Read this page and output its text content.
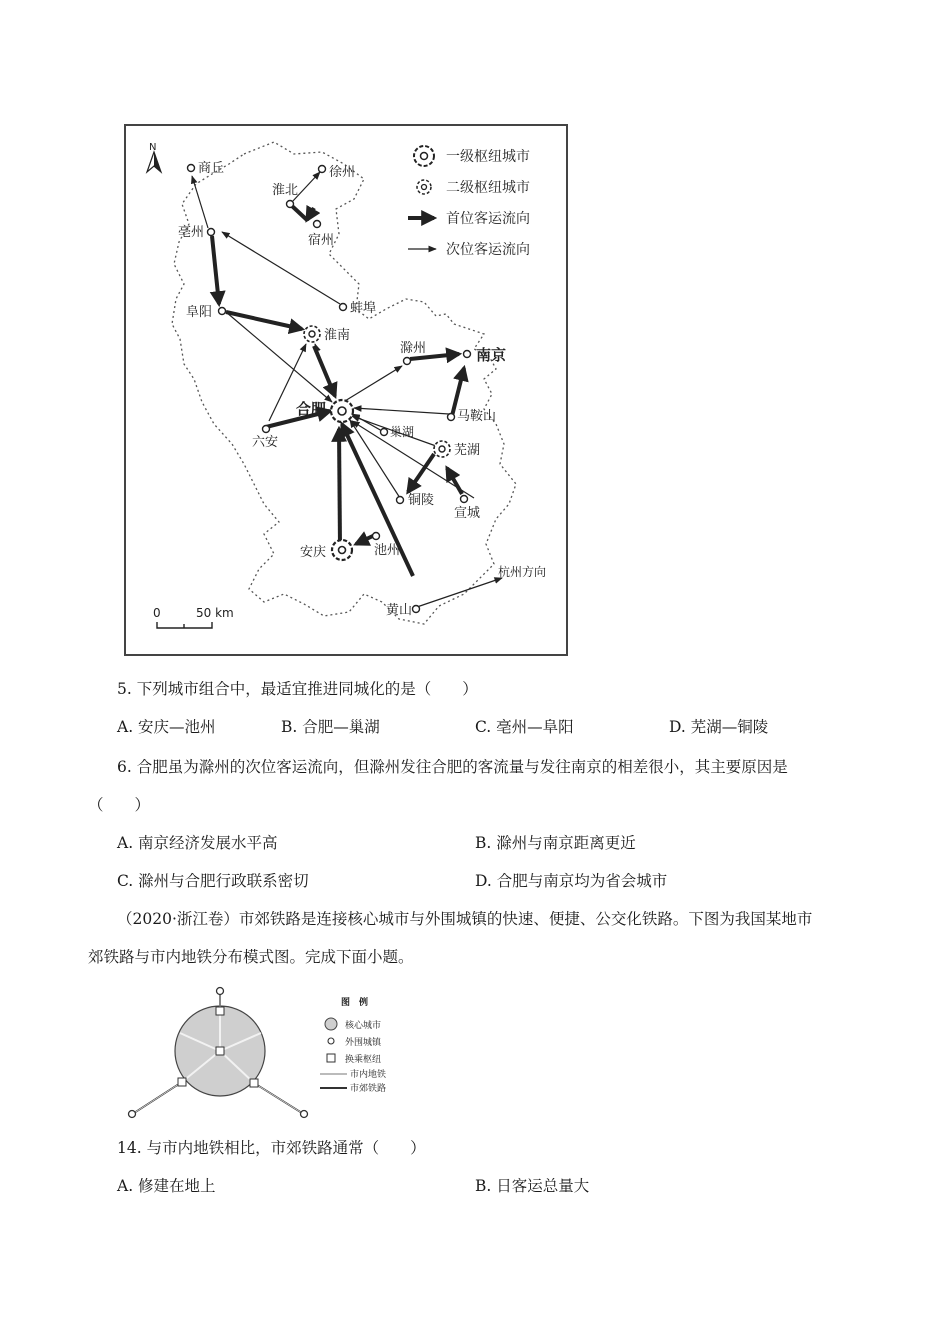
N
一级枢纽城市
二级枢纽城市
首位客运流向
次位客运流向
商丘	徐州
淮北
宿州
亳州
蚌埠
阜阳
淮南
滁州	南京
合肥	马鞍山
六安
巢湖
芜湖
铜陵
宣城
安庆	池州
杭州方向
黄山
0	50 km
5. 下列城市组合中，最适宜推进同城化的是（　　）
A. 安庆—池州	B. 合肥—巢湖	C. 亳州—阜阳	D. 芜湖—铜陵
6. 合肥虽为滁州的次位客运流向，但滁州发往合肥的客流量与发往南京的相差很小，其主要原因是
（　　）
A. 南京经济发展水平高	B. 滁州与南京距离更近
C. 滁州与合肥行政联系密切	D. 合肥与南京均为省会城市
（2020·浙江卷）市郊铁路是连接核心城市与外围城镇的快速、便捷、公交化铁路。下图为我国某地市
郊铁路与市内地铁分布模式图。完成下面小题。
图　例
核心城市
外围城镇
换乘枢纽
市内地铁
市郊铁路
14. 与市内地铁相比，市郊铁路通常（　　）
A. 修建在地上	B. 日客运总量大
